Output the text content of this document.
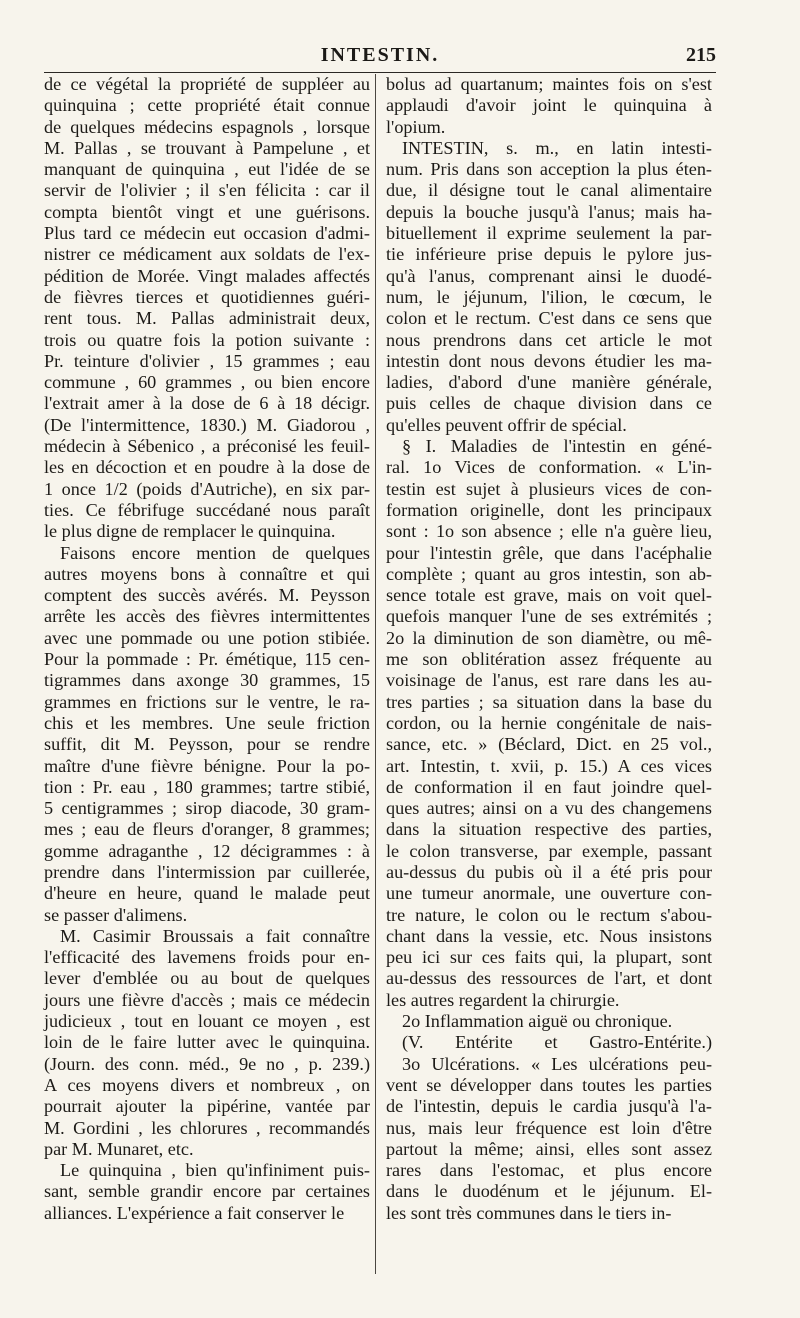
INTESTIN.	215
de ce végétal la propriété de suppléer au
quinquina ; cette propriété était connue
de quelques médecins espagnols , lorsque
M. Pallas , se trouvant à Pampelune , et
manquant de quinquina , eut l'idée de se
servir de l'olivier ; il s'en félicita : car il
compta bientôt vingt et une guérisons.
Plus tard ce médecin eut occasion d'admi-
nistrer ce médicament aux soldats de l'ex-
pédition de Morée. Vingt malades affectés
de fièvres tierces et quotidiennes guéri-
rent tous. M. Pallas administrait deux,
trois ou quatre fois la potion suivante :
Pr. teinture d'olivier , 15 grammes ; eau
commune , 60 grammes , ou bien encore
l'extrait amer à la dose de 6 à 18 décigr.
(De l'intermittence, 1830.) M. Giadorou ,
médecin à Sébenico , a préconisé les feuil-
les en décoction et en poudre à la dose de
1 once 1/2 (poids d'Autriche), en six par-
ties. Ce fébrifuge succédané nous paraît
le plus digne de remplacer le quinquina.
Faisons encore mention de quelques
autres moyens bons à connaître et qui
comptent des succès avérés. M. Peysson
arrête les accès des fièvres intermittentes
avec une pommade ou une potion stibiée.
Pour la pommade : Pr. émétique, 115 cen-
tigrammes dans axonge 30 grammes, 15
grammes en frictions sur le ventre, le ra-
chis et les membres. Une seule friction
suffit, dit M. Peysson, pour se rendre
maître d'une fièvre bénigne. Pour la po-
tion : Pr. eau , 180 grammes; tartre stibié,
5 centigrammes ; sirop diacode, 30 gram-
mes ; eau de fleurs d'oranger, 8 grammes;
gomme adraganthe , 12 décigrammes : à
prendre dans l'intermission par cuillerée,
d'heure en heure, quand le malade peut
se passer d'alimens.
M. Casimir Broussais a fait connaître
l'efficacité des lavemens froids pour en-
lever d'emblée ou au bout de quelques
jours une fièvre d'accès ; mais ce médecin
judicieux , tout en louant ce moyen , est
loin de le faire lutter avec le quinquina.
(Journ. des conn. méd., 9e no , p. 239.)
A ces moyens divers et nombreux , on
pourrait ajouter la pipérine, vantée par
M. Gordini , les chlorures , recommandés
par M. Munaret, etc.
Le quinquina , bien qu'infiniment puis-
sant, semble grandir encore par certaines
alliances. L'expérience a fait conserver le
bolus ad quartanum; maintes fois on s'est
applaudi d'avoir joint le quinquina à
l'opium.
INTESTIN, s. m., en latin intesti-
num. Pris dans son acception la plus éten-
due, il désigne tout le canal alimentaire
depuis la bouche jusqu'à l'anus; mais ha-
bituellement il exprime seulement la par-
tie inférieure prise depuis le pylore jus-
qu'à l'anus, comprenant ainsi le duodé-
num, le jéjunum, l'ilion, le cœcum, le
colon et le rectum. C'est dans ce sens que
nous prendrons dans cet article le mot
intestin dont nous devons étudier les ma-
ladies, d'abord d'une manière générale,
puis celles de chaque division dans ce
qu'elles peuvent offrir de spécial.
§ I. Maladies de l'intestin en géné-
ral. 1o Vices de conformation. « L'in-
testin est sujet à plusieurs vices de con-
formation originelle, dont les principaux
sont : 1o son absence ; elle n'a guère lieu,
pour l'intestin grêle, que dans l'acéphalie
complète ; quant au gros intestin, son ab-
sence totale est grave, mais on voit quel-
quefois manquer l'une de ses extrémités ;
2o la diminution de son diamètre, ou mê-
me son oblitération assez fréquente au
voisinage de l'anus, est rare dans les au-
tres parties ; sa situation dans la base du
cordon, ou la hernie congénitale de nais-
sance, etc. » (Béclard, Dict. en 25 vol.,
art. Intestin, t. xvii, p. 15.) A ces vices
de conformation il en faut joindre quel-
ques autres; ainsi on a vu des changemens
dans la situation respective des parties,
le colon transverse, par exemple, passant
au-dessus du pubis où il a été pris pour
une tumeur anormale, une ouverture con-
tre nature, le colon ou le rectum s'abou-
chant dans la vessie, etc. Nous insistons
peu ici sur ces faits qui, la plupart, sont
au-dessus des ressources de l'art, et dont
les autres regardent la chirurgie.
2o Inflammation aiguë ou chronique.
(V. Entérite et Gastro-Entérite.)
3o Ulcérations. « Les ulcérations peu-
vent se développer dans toutes les parties
de l'intestin, depuis le cardia jusqu'à l'a-
nus, mais leur fréquence est loin d'être
partout la même; ainsi, elles sont assez
rares dans l'estomac, et plus encore
dans le duodénum et le jéjunum. El-
les sont très communes dans le tiers in-
